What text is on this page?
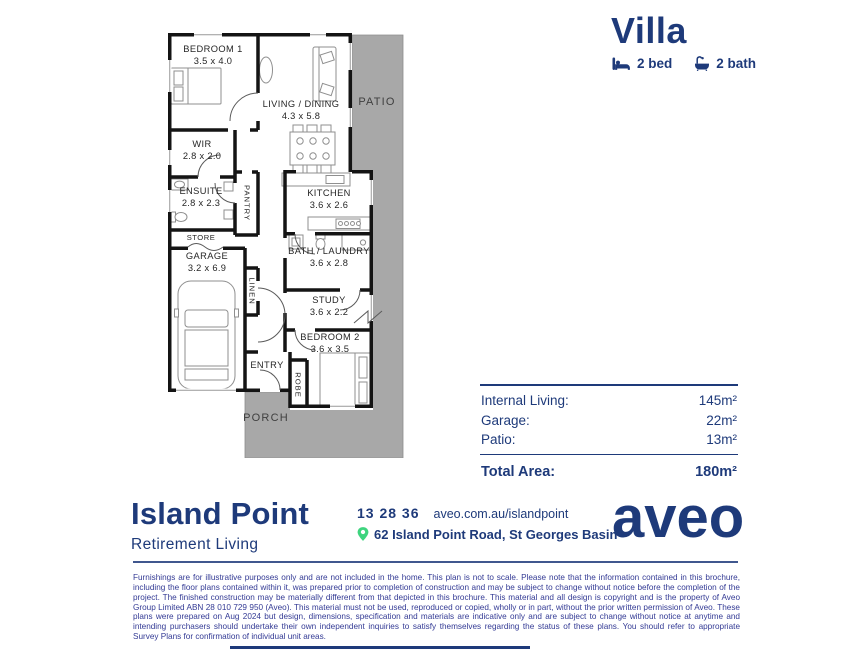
Villa
2 bed	2 bath
BEDROOM 1
3.5 x 4.0
LIVING / DINING
4.3 x 5.8
PATIO
WIR
2.8 x 2.0
ENSUITE
2.8 x 2.3	PANTRY
STORE
GARAGE
3.2 x 6.9
KITCHEN
3.6 x 2.6
BATH / LAUNDRY
3.6 x 2.8
LINEN	STUDY
3.6 x 2.2
BEDROOM 2
3.6 x 3.5
ENTRY
ROBE
PORCH
Internal Living:	145m²
Garage:	22m²
Patio:	13m²
Total Area:	180m²
Island Point
Retirement Living
13 28 36 aveo.com.au/islandpoint
62 Island Point Road, St Georges Basin
aveo
Furnishings are for illustrative purposes only and are not included in the home. This plan is not to scale. Please note that the information contained in this brochure, including the floor plans contained within it, was prepared prior to completion of construction and may be subject to change without notice before the completion of the project. The finished construction may be materially different from that depicted in this brochure. This material and all design is copyright and is the property of Aveo Group Limited ABN 28 010 729 950 (Aveo). This material must not be used, reproduced or copied, wholly or in part, without the prior written permission of Aveo. These plans were prepared on Aug 2024 but design, dimensions, specification and materials are indicative only and are subject to change without notice at anytime and intending purchasers should undertake their own independent inquiries to satisfy themselves regarding the status of these plans. You should refer to appropriate Survey Plans for confirmation of individual unit areas.
